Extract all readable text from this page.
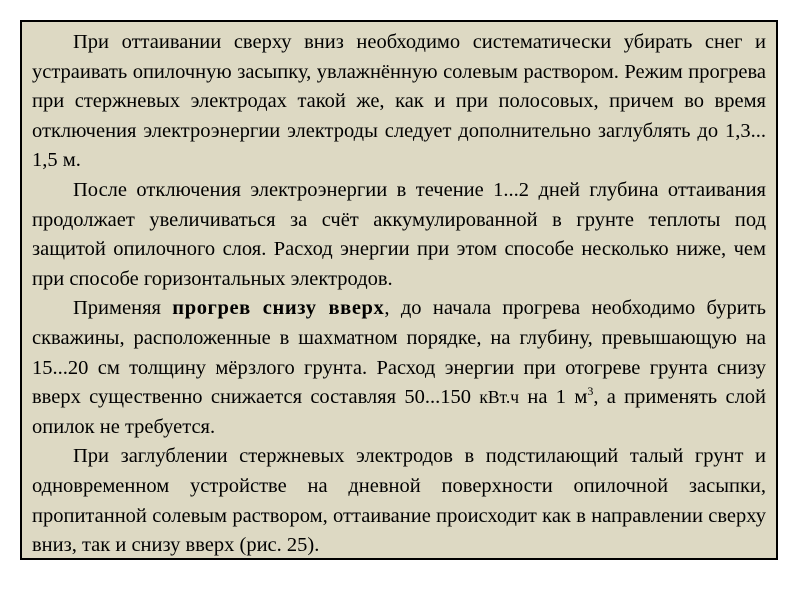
При оттаивании сверху вниз необходимо систематически убирать снег и устраивать опилочную засыпку, увлажнённую солевым раствором. Режим прогрева при стержневых электродах такой же, как и при полосовых, причем во время отключения электроэнергии электроды следует дополнительно заглублять до 1,3... 1,5 м.

После отключения электроэнергии в течение 1...2 дней глубина оттаивания продолжает увеличиваться за счёт аккумулированной в грунте теплоты под защитой опилочного слоя. Расход энергии при этом способе несколько ниже, чем при способе горизонтальных электродов.

Применяя прогрев снизу вверх, до начала прогрева необходимо бурить скважины, расположенные в шахматном порядке, на глубину, превышающую на 15...20 см толщину мёрзлого грунта. Расход энергии при отогреве грунта снизу вверх существенно снижается составляя 50...150 кВт.ч на 1 $м^3$, а применять слой опилок не требуется.

При заглублении стержневых электродов в подстилающий талый грунт и одновременном устройстве на дневной поверхности опилочной засыпки, пропитанной солевым раствором, оттаивание происходит как в направлении сверху вниз, так и снизу вверх (рис. 25).
